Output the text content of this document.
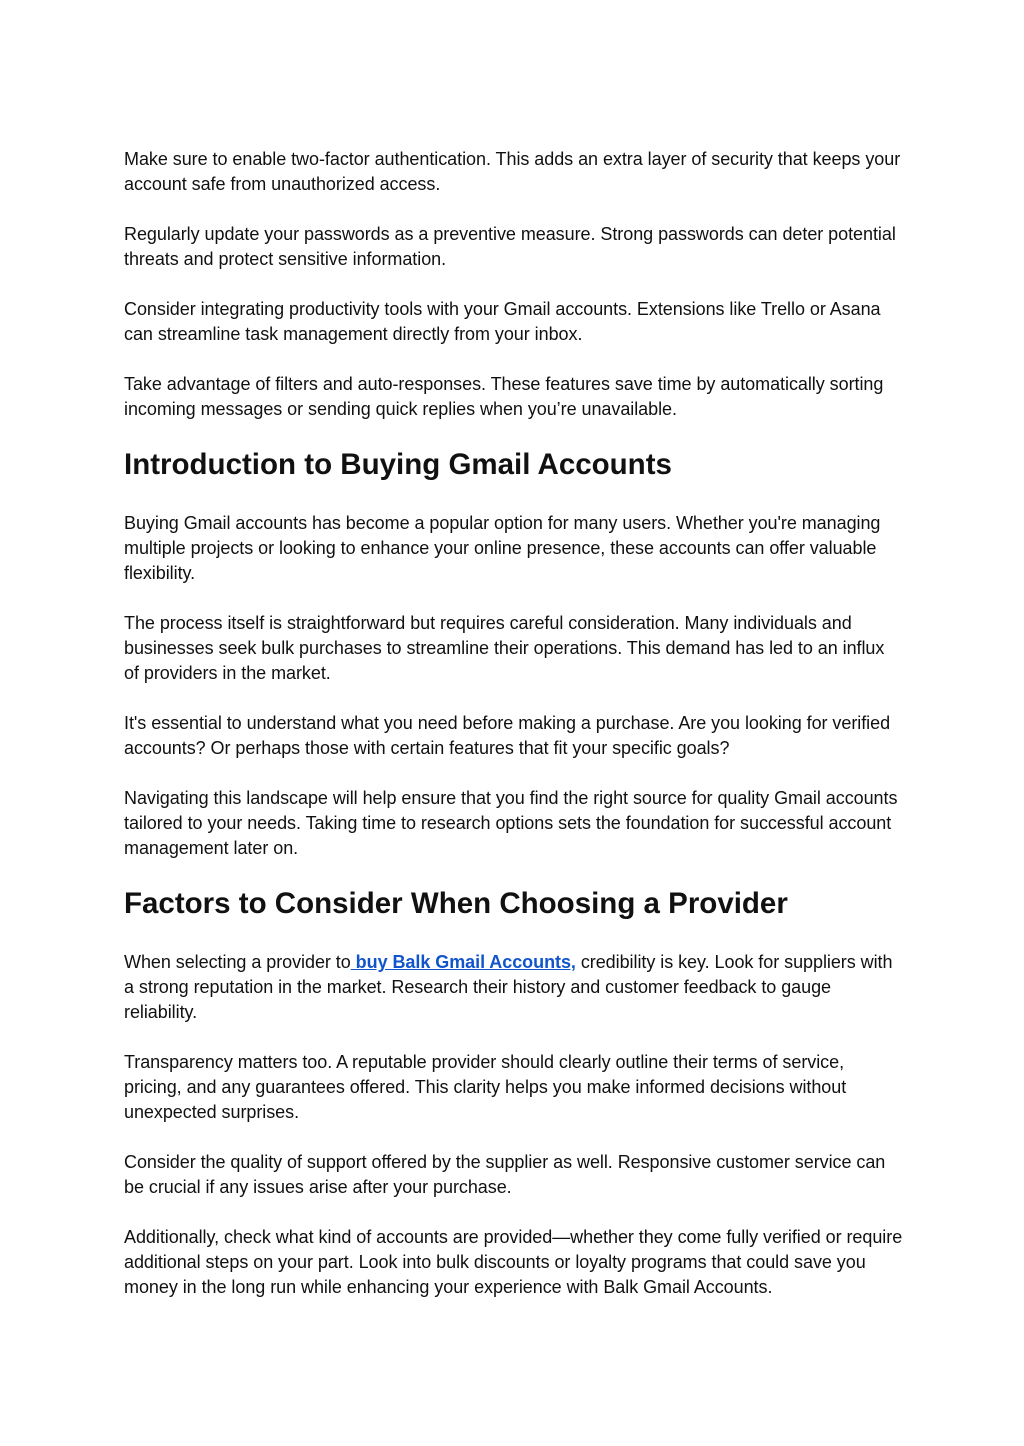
Make sure to enable two-factor authentication. This adds an extra layer of security that keeps your account safe from unauthorized access.

Regularly update your passwords as a preventive measure. Strong passwords can deter potential threats and protect sensitive information.

Consider integrating productivity tools with your Gmail accounts. Extensions like Trello or Asana can streamline task management directly from your inbox.

Take advantage of filters and auto-responses. These features save time by automatically sorting incoming messages or sending quick replies when you’re unavailable.

Introduction to Buying Gmail Accounts

Buying Gmail accounts has become a popular option for many users. Whether you're managing multiple projects or looking to enhance your online presence, these accounts can offer valuable flexibility.

The process itself is straightforward but requires careful consideration. Many individuals and businesses seek bulk purchases to streamline their operations. This demand has led to an influx of providers in the market.

It's essential to understand what you need before making a purchase. Are you looking for verified accounts? Or perhaps those with certain features that fit your specific goals?

Navigating this landscape will help ensure that you find the right source for quality Gmail accounts tailored to your needs. Taking time to research options sets the foundation for successful account management later on.

Factors to Consider When Choosing a Provider

When selecting a provider to buy Balk Gmail Accounts, credibility is key. Look for suppliers with a strong reputation in the market. Research their history and customer feedback to gauge reliability.

Transparency matters too. A reputable provider should clearly outline their terms of service, pricing, and any guarantees offered. This clarity helps you make informed decisions without unexpected surprises.

Consider the quality of support offered by the supplier as well. Responsive customer service can be crucial if any issues arise after your purchase.

Additionally, check what kind of accounts are provided—whether they come fully verified or require additional steps on your part. Look into bulk discounts or loyalty programs that could save you money in the long run while enhancing your experience with Balk Gmail Accounts.
